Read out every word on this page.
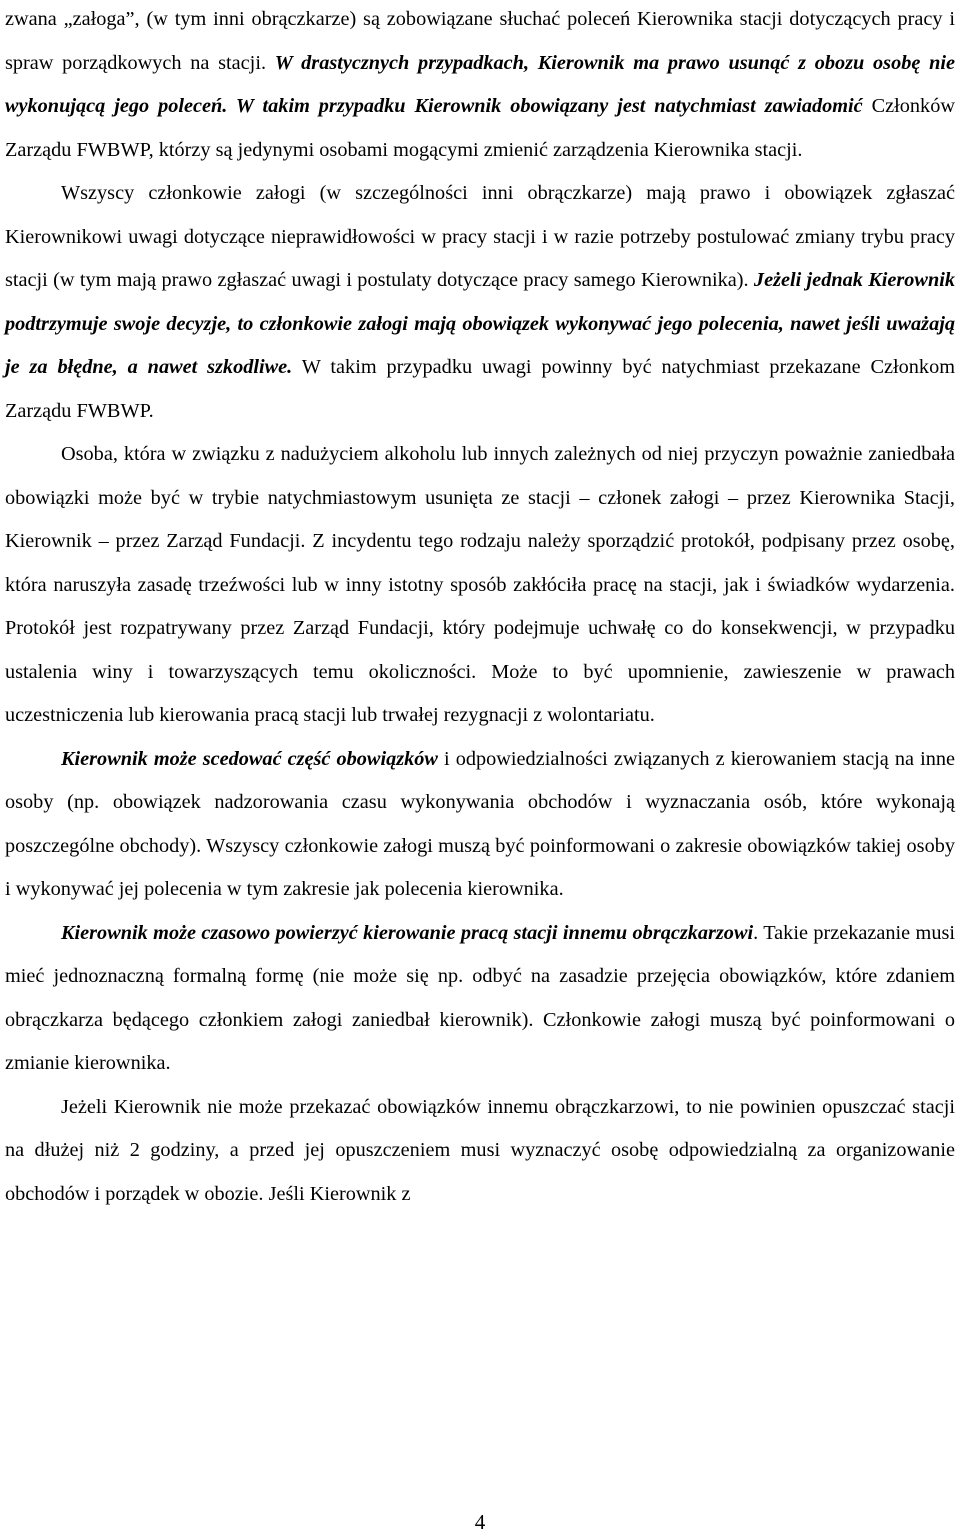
zwana „załoga”, (w tym inni obrączkarze) są zobowiązane słuchać poleceń Kierownika stacji dotyczących pracy i spraw porządkowych na stacji. W drastycznych przypadkach, Kierownik ma prawo usunąć z obozu osobę nie wykonującą jego poleceń. W takim przypadku Kierownik obowiązany jest natychmiast zawiadomić Członków Zarządu FWBWP, którzy są jedynymi osobami mogącymi zmienić zarządzenia Kierownika stacji.

Wszyscy członkowie załogi (w szczególności inni obrączkarze) mają prawo i obowiązek zgłaszać Kierownikowi uwagi dotyczące nieprawidłowości w pracy stacji i w razie potrzeby postulować zmiany trybu pracy stacji (w tym mają prawo zgłaszać uwagi i postulaty dotyczące pracy samego Kierownika). Jeżeli jednak Kierownik podtrzymuje swoje decyzje, to członkowie załogi mają obowiązek wykonywać jego polecenia, nawet jeśli uważają je za błędne, a nawet szkodliwe. W takim przypadku uwagi powinny być natychmiast przekazane Członkom Zarządu FWBWP.

Osoba, która w związku z nadużyciem alkoholu lub innych zależnych od niej przyczyn poważnie zaniedbała obowiązki może być w trybie natychmiastowym usunięta ze stacji – członek załogi – przez Kierownika Stacji, Kierownik – przez Zarząd Fundacji. Z incydentu tego rodzaju należy sporządzić protokół, podpisany przez osobę, która naruszyła zasadę trzeźwości lub w inny istotny sposób zakłóciła pracę na stacji, jak i świadków wydarzenia. Protokół jest rozpatrywany przez Zarząd Fundacji, który podejmuje uchwałę co do konsekwencji, w przypadku ustalenia winy i towarzyszących temu okoliczności. Może to być upomnienie, zawieszenie w prawach uczestniczenia lub kierowania pracą stacji lub trwałej rezygnacji z wolontariatu.

Kierownik może scedować część obowiązków i odpowiedzialności związanych z kierowaniem stacją na inne osoby (np. obowiązek nadzorowania czasu wykonywania obchodów i wyznaczania osób, które wykonają poszczególne obchody). Wszyscy członkowie załogi muszą być poinformowani o zakresie obowiązków takiej osoby i wykonywać jej polecenia w tym zakresie jak polecenia kierownika.

Kierownik może czasowo powierzyć kierowanie pracą stacji innemu obrączkarzowi. Takie przekazanie musi mieć jednoznaczną formalną formę (nie może się np. odbyć na zasadzie przejęcia obowiązków, które zdaniem obrączkarza będącego członkiem załogi zaniedbał kierownik). Członkowie załogi muszą być poinformowani o zmianie kierownika.

Jeżeli Kierownik nie może przekazać obowiązków innemu obrączkarzowi, to nie powinien opuszczać stacji na dłużej niż 2 godziny, a przed jej opuszczeniem musi wyznaczyć osobę odpowiedzialną za organizowanie obchodów i porządek w obozie. Jeśli Kierownik z

4
